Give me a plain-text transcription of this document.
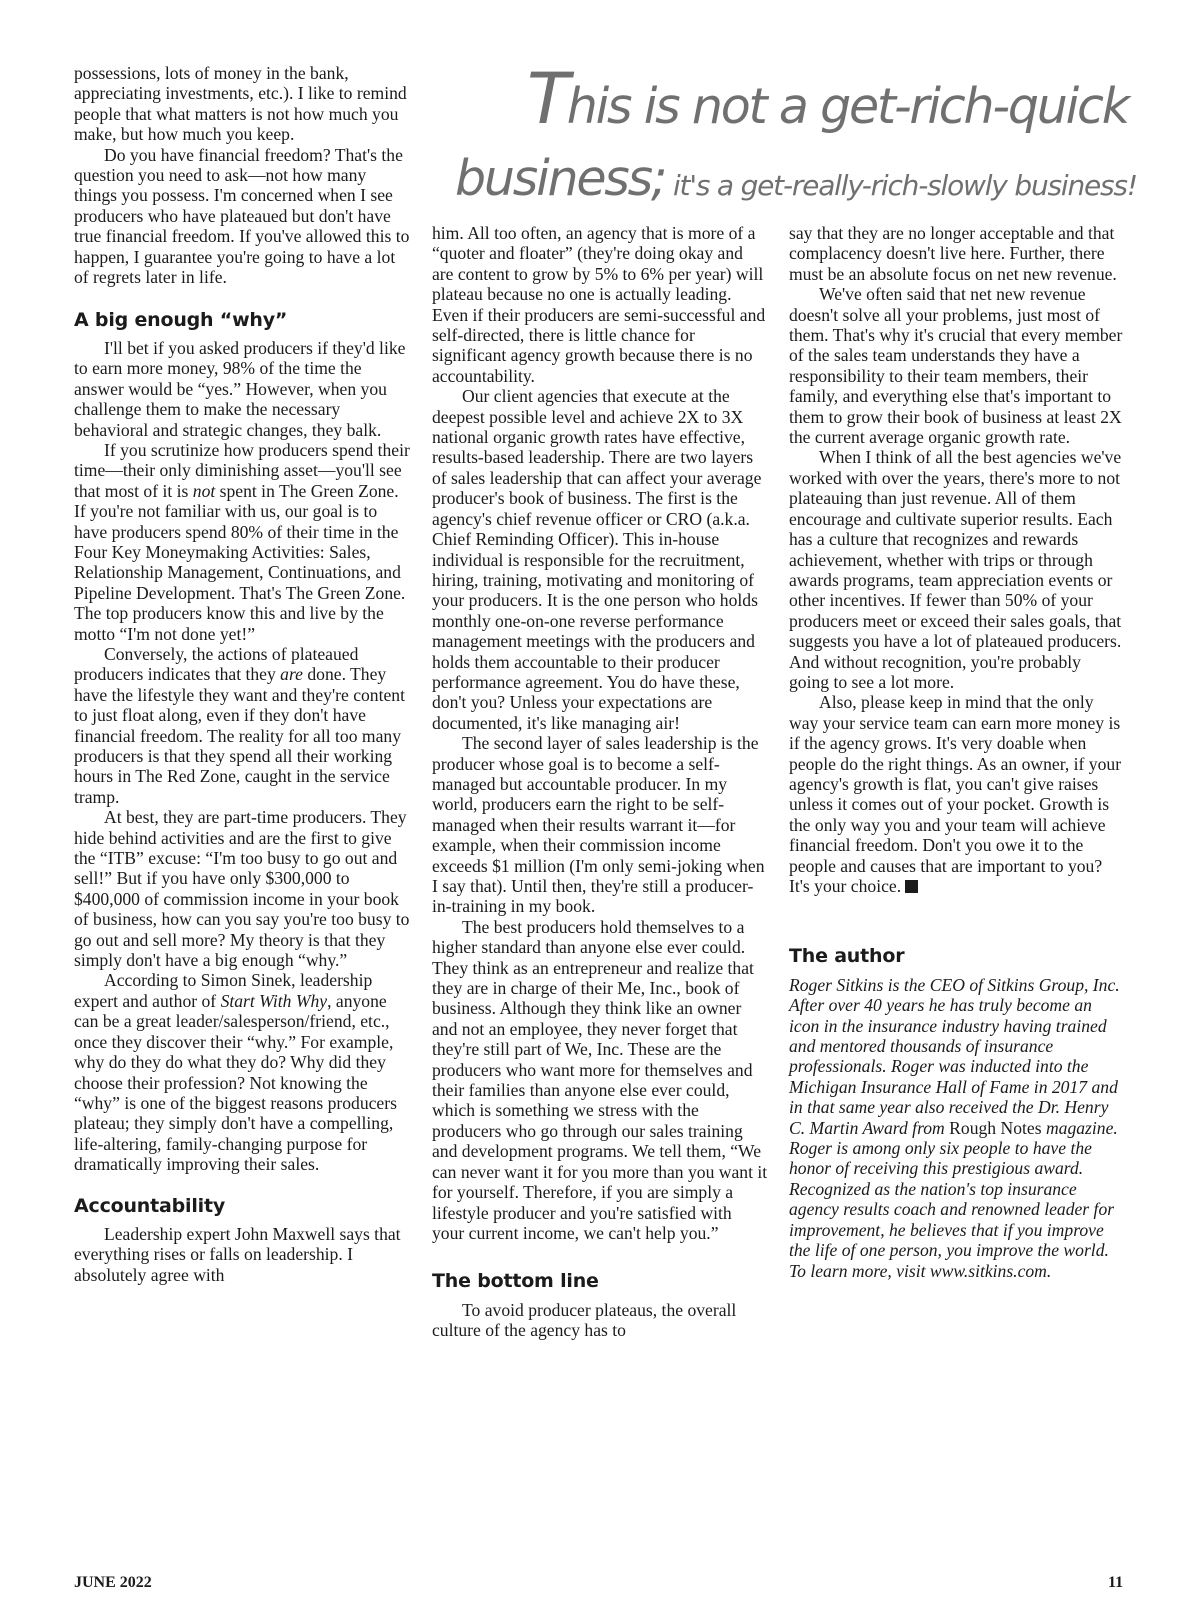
This is not a get-rich-quick
business; it's a get-really-rich-slowly business!

possessions, lots of money in the bank, appreciating investments, etc.). I like to remind people that what matters is not how much you make, but how much you keep.

Do you have financial freedom? That's the question you need to ask—not how many things you possess. I'm concerned when I see producers who have plateaued but don't have true financial freedom. If you've allowed this to happen, I guarantee you're going to have a lot of regrets later in life.

A big enough “why”

I'll bet if you asked producers if they'd like to earn more money, 98% of the time the answer would be “yes.” However, when you challenge them to make the necessary behavioral and strategic changes, they balk.

If you scrutinize how producers spend their time—their only diminishing asset—you'll see that most of it is not spent in The Green Zone. If you're not familiar with us, our goal is to have producers spend 80% of their time in the Four Key Moneymaking Activities: Sales, Relationship Management, Continuations, and Pipeline Development. That's The Green Zone. The top producers know this and live by the motto “I'm not done yet!”

Conversely, the actions of plateaued producers indicates that they are done. They have the lifestyle they want and they're content to just float along, even if they don't have financial freedom. The reality for all too many producers is that they spend all their working hours in The Red Zone, caught in the service tramp.

At best, they are part-time producers. They hide behind activities and are the first to give the “ITB” excuse: “I'm too busy to go out and sell!” But if you have only $300,000 to $400,000 of commission income in your book of business, how can you say you're too busy to go out and sell more? My theory is that they simply don't have a big enough “why.”

According to Simon Sinek, leadership expert and author of Start With Why, anyone can be a great leader/salesperson/friend, etc., once they discover their “why.” For example, why do they do what they do? Why did they choose their profession? Not knowing the “why” is one of the biggest reasons producers plateau; they simply don't have a compelling, life-altering, family-changing purpose for dramatically improving their sales.

Accountability

Leadership expert John Maxwell says that everything rises or falls on leadership. I absolutely agree with

him. All too often, an agency that is more of a “quoter and floater” (they're doing okay and are content to grow by 5% to 6% per year) will plateau because no one is actually leading. Even if their producers are semi-successful and self-directed, there is little chance for significant agency growth because there is no accountability.

Our client agencies that execute at the deepest possible level and achieve 2X to 3X national organic growth rates have effective, results-based leadership. There are two layers of sales leadership that can affect your average producer's book of business. The first is the agency's chief revenue officer or CRO (a.k.a. Chief Reminding Officer). This in-house individual is responsible for the recruitment, hiring, training, motivating and monitoring of your producers. It is the one person who holds monthly one-on-one reverse performance management meetings with the producers and holds them accountable to their producer performance agreement. You do have these, don't you? Unless your expectations are documented, it's like managing air!

The second layer of sales leadership is the producer whose goal is to become a self-managed but accountable producer. In my world, producers earn the right to be self-managed when their results warrant it—for example, when their commission income exceeds $1 million (I'm only semi-joking when I say that). Until then, they're still a producer-in-training in my book.

The best producers hold themselves to a higher standard than anyone else ever could. They think as an entrepreneur and realize that they are in charge of their Me, Inc., book of business. Although they think like an owner and not an employee, they never forget that they're still part of We, Inc. These are the producers who want more for themselves and their families than anyone else ever could, which is something we stress with the producers who go through our sales training and development programs. We tell them, “We can never want it for you more than you want it for yourself. Therefore, if you are simply a lifestyle producer and you're satisfied with your current income, we can't help you.”

The bottom line

To avoid producer plateaus, the overall culture of the agency has to

say that they are no longer acceptable and that complacency doesn't live here. Further, there must be an absolute focus on net new revenue.

We've often said that net new revenue doesn't solve all your problems, just most of them. That's why it's crucial that every member of the sales team understands they have a responsibility to their team members, their family, and everything else that's important to them to grow their book of business at least 2X the current average organic growth rate.

When I think of all the best agencies we've worked with over the years, there's more to not plateauing than just revenue. All of them encourage and cultivate superior results. Each has a culture that recognizes and rewards achievement, whether with trips or through awards programs, team appreciation events or other incentives. If fewer than 50% of your producers meet or exceed their sales goals, that suggests you have a lot of plateaued producers. And without recognition, you're probably going to see a lot more.

Also, please keep in mind that the only way your service team can earn more money is if the agency grows. It's very doable when people do the right things. As an owner, if your agency's growth is flat, you can't give raises unless it comes out of your pocket. Growth is the only way you and your team will achieve financial freedom. Don't you owe it to the people and causes that are important to you? It's your choice.

The author

Roger Sitkins is the CEO of Sitkins Group, Inc. After over 40 years he has truly become an icon in the insurance industry having trained and mentored thousands of insurance professionals. Roger was inducted into the Michigan Insurance Hall of Fame in 2017 and in that same year also received the Dr. Henry C. Martin Award from Rough Notes magazine. Roger is among only six people to have the honor of receiving this prestigious award.

Recognized as the nation's top insurance agency results coach and renowned leader for improvement, he believes that if you improve the life of one person, you improve the world. To learn more, visit www.sitkins.com.

JUNE 2022	11
